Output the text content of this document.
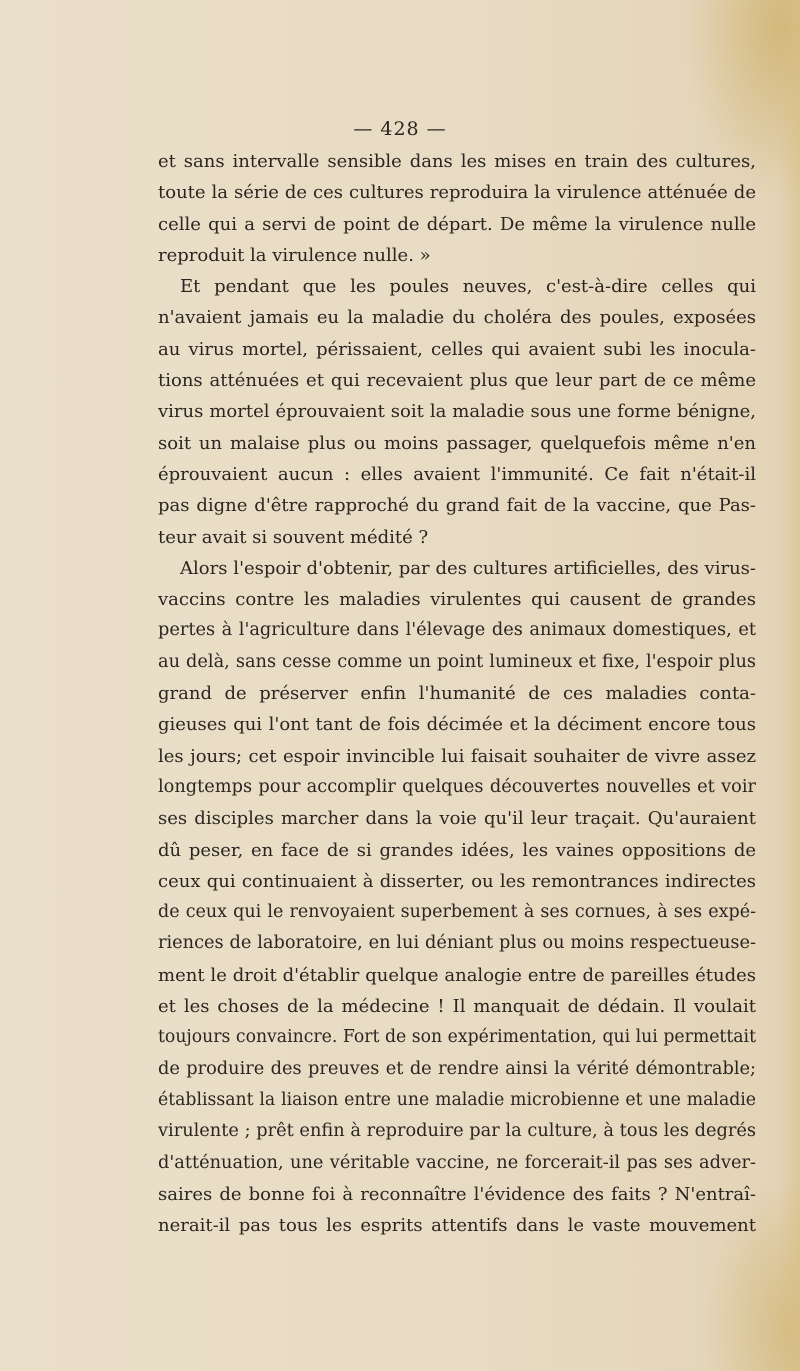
— 428 —
et sans intervalle sensible dans les mises en train des cultures,
toute la série de ces cultures reproduira la virulence atténuée de
celle qui a servi de point de départ. De même la virulence nulle
reproduit la virulence nulle. »
Et pendant que les poules neuves, c'est-à-dire celles qui
n'avaient jamais eu la maladie du choléra des poules, exposées
au virus mortel, périssaient, celles qui avaient subi les inocula-
tions atténuées et qui recevaient plus que leur part de ce même
virus mortel éprouvaient soit la maladie sous une forme bénigne,
soit un malaise plus ou moins passager, quelquefois même n'en
éprouvaient aucun : elles avaient l'immunité. Ce fait n'était-il
pas digne d'être rapproché du grand fait de la vaccine, que Pas-
teur avait si souvent médité ?
Alors l'espoir d'obtenir, par des cultures artificielles, des virus-
vaccins contre les maladies virulentes qui causent de grandes
pertes à l'agriculture dans l'élevage des animaux domestiques, et
au delà, sans cesse comme un point lumineux et fixe, l'espoir plus
grand de préserver enfin l'humanité de ces maladies conta-
gieuses qui l'ont tant de fois décimée et la déciment encore tous
les jours; cet espoir invincible lui faisait souhaiter de vivre assez
longtemps pour accomplir quelques découvertes nouvelles et voir
ses disciples marcher dans la voie qu'il leur traçait. Qu'auraient
dû peser, en face de si grandes idées, les vaines oppositions de
ceux qui continuaient à disserter, ou les remontrances indirectes
de ceux qui le renvoyaient superbement à ses cornues, à ses expé-
riences de laboratoire, en lui déniant plus ou moins respectueuse-
ment le droit d'établir quelque analogie entre de pareilles études
et les choses de la médecine ! Il manquait de dédain. Il voulait
toujours convaincre. Fort de son expérimentation, qui lui permettait
de produire des preuves et de rendre ainsi la vérité démontrable;
établissant la liaison entre une maladie microbienne et une maladie
virulente ; prêt enfin à reproduire par la culture, à tous les degrés
d'atténuation, une véritable vaccine, ne forcerait-il pas ses adver-
saires de bonne foi à reconnaître l'évidence des faits ? N'entraî-
nerait-il pas tous les esprits attentifs dans le vaste mouvement
